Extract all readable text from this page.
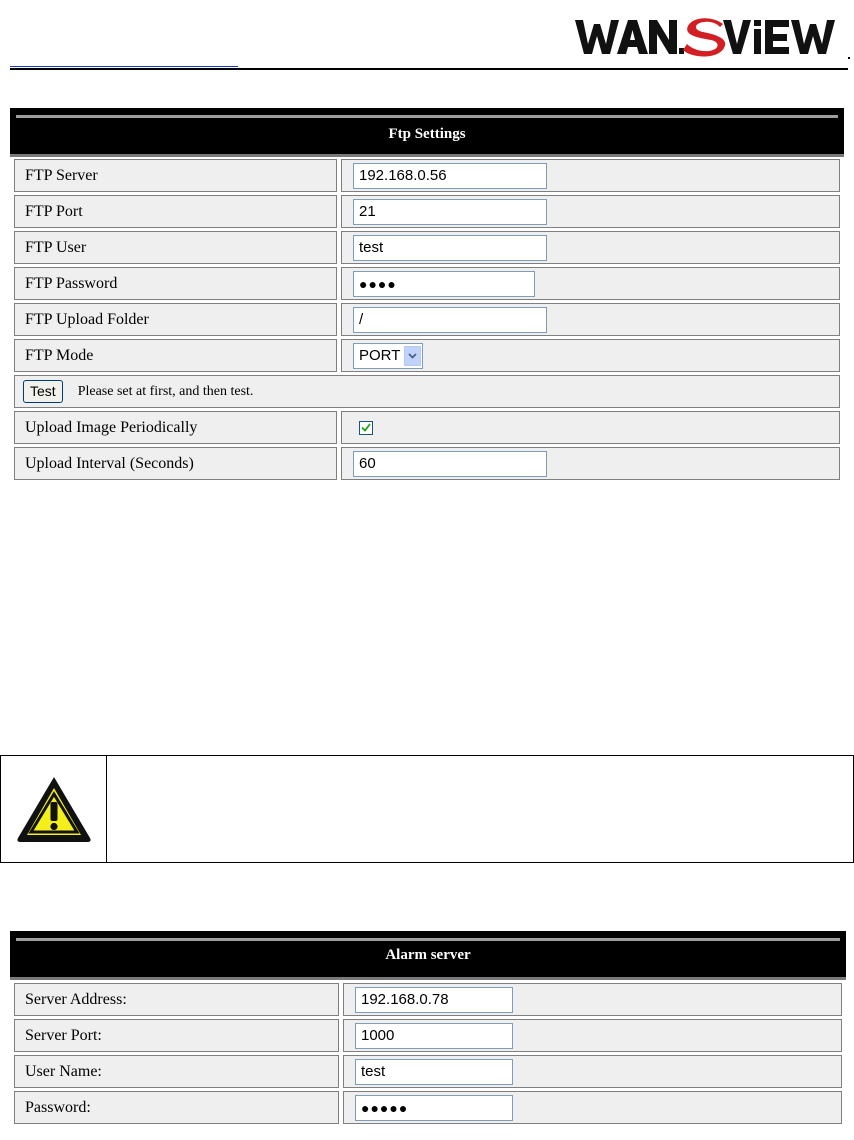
Ftp Settings
FTP Server	192.168.0.56
FTP Port	21
FTP User	test
FTP Password	●●●●
FTP Upload Folder	/
FTP Mode	PORT
Test	Please set at first, and then test.
Upload Image Periodically
Upload Interval (Seconds)	60
Alarm server
Server Address:	192.168.0.78
Server Port:	1000
User Name:	test
Password:	●●●●●
